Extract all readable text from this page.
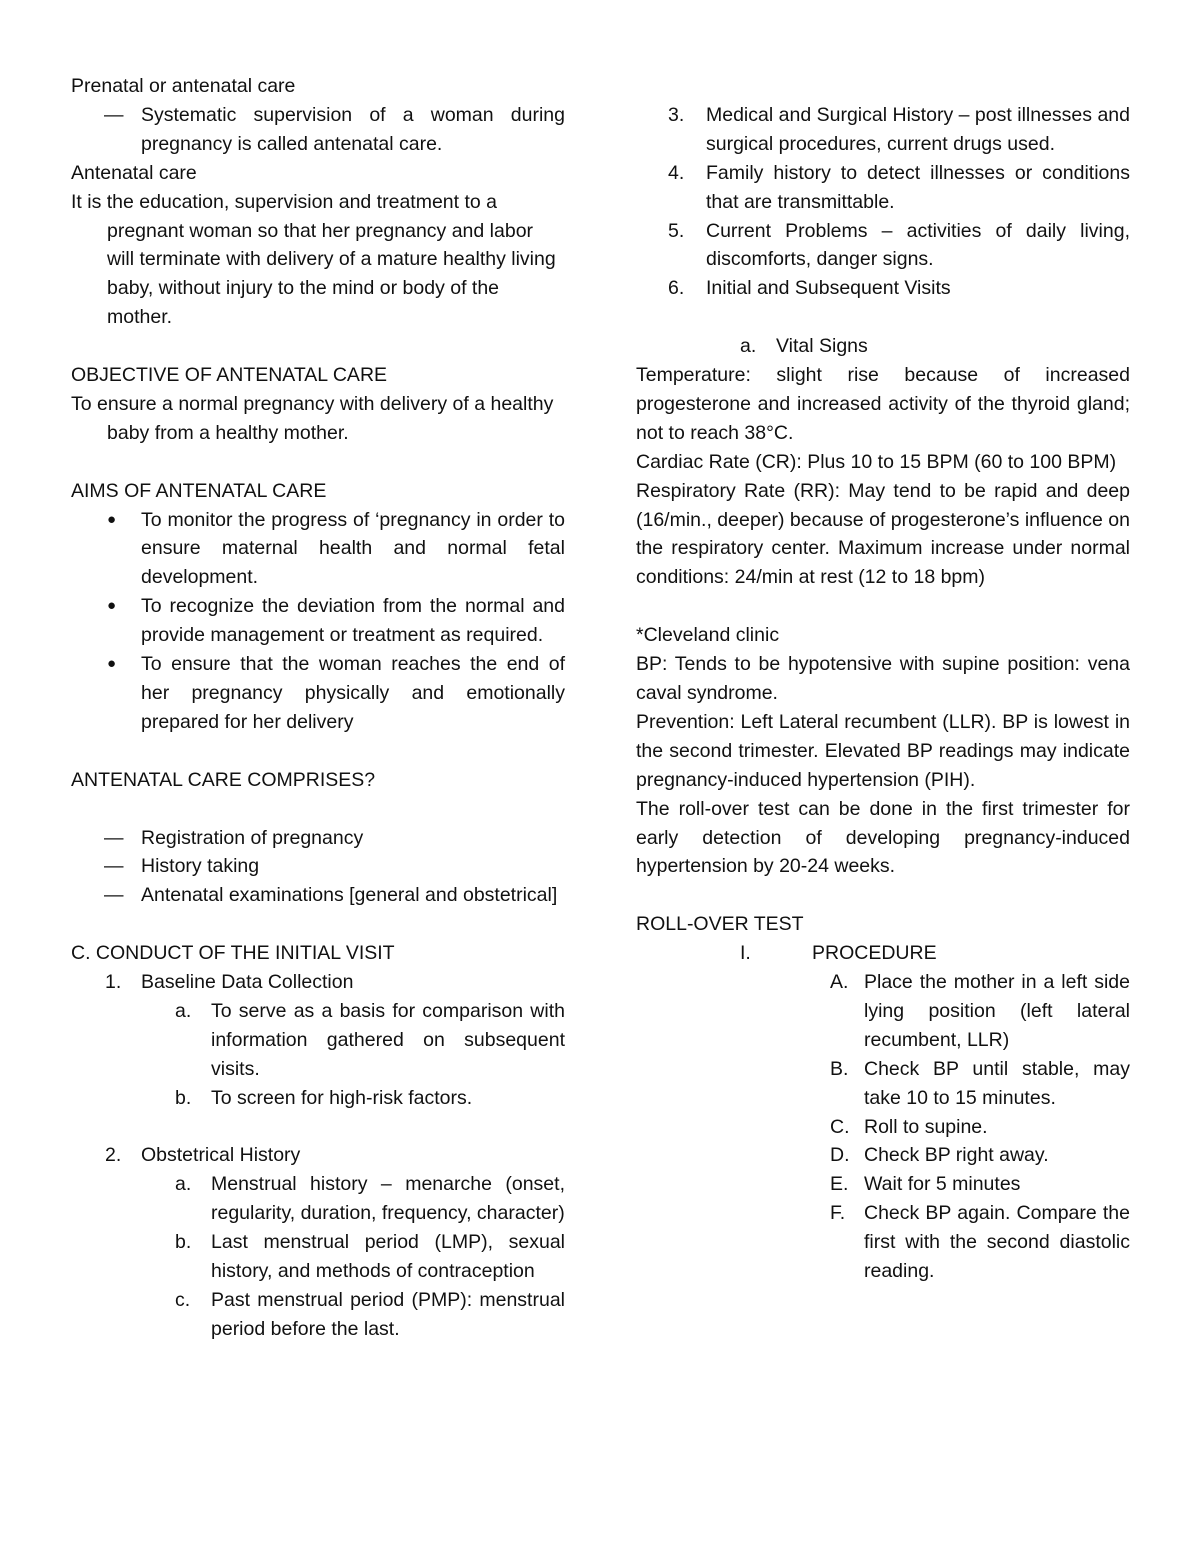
Prenatal or antenatal care

— Systematic supervision of a woman during pregnancy is called antenatal care.

Antenatal care

It is the education, supervision and treatment to a pregnant woman so that her pregnancy and labor will terminate with delivery of a mature healthy living baby, without injury to the mind or body of the mother.

OBJECTIVE OF ANTENATAL CARE

To ensure a normal pregnancy with delivery of a healthy baby from a healthy mother.

AIMS OF ANTENATAL CARE

● To monitor the progress of ‘pregnancy in order to ensure maternal health and normal fetal development.
● To recognize the deviation from the normal and provide management or treatment as required.
● To ensure that the woman reaches the end of her pregnancy physically and emotionally prepared for her delivery

ANTENATAL CARE COMPRISES?

— Registration of pregnancy
— History taking
— Antenatal examinations [general and obstetrical]

C. CONDUCT OF THE INITIAL VISIT

1. Baseline Data Collection
a. To serve as a basis for comparison with information gathered on subsequent visits.
b. To screen for high-risk factors.
2. Obstetrical History
a. Menstrual history – menarche (onset, regularity, duration, frequency, character)
b. Last menstrual period (LMP), sexual history, and methods of contraception
c. Past menstrual period (PMP): menstrual period before the last.
3. Medical and Surgical History – post illnesses and surgical procedures, current drugs used.
4. Family history to detect illnesses or conditions that are transmittable.
5. Current Problems – activities of daily living, discomforts, danger signs.
6. Initial and Subsequent Visits
a. Vital Signs

Temperature: slight rise because of increased progesterone and increased activity of the thyroid gland; not to reach 38°C.

Cardiac Rate (CR): Plus 10 to 15 BPM (60 to 100 BPM)

Respiratory Rate (RR): May tend to be rapid and deep (16/min., deeper) because of progesterone’s influence on the respiratory center. Maximum increase under normal conditions: 24/min at rest (12 to 18 bpm)

*Cleveland clinic

BP: Tends to be hypotensive with supine position: vena caval syndrome.

Prevention: Left Lateral recumbent (LLR). BP is lowest in the second trimester. Elevated BP readings may indicate pregnancy-induced hypertension (PIH).

The roll-over test can be done in the first trimester for early detection of developing pregnancy-induced hypertension by 20-24 weeks.

ROLL-OVER TEST

I.	PROCEDURE
A. Place the mother in a left side lying position (left lateral recumbent, LLR)
B. Check BP until stable, may take 10 to 15 minutes.
C. Roll to supine.
D. Check BP right away.
E. Wait for 5 minutes
F. Check BP again. Compare the first with the second diastolic reading.
